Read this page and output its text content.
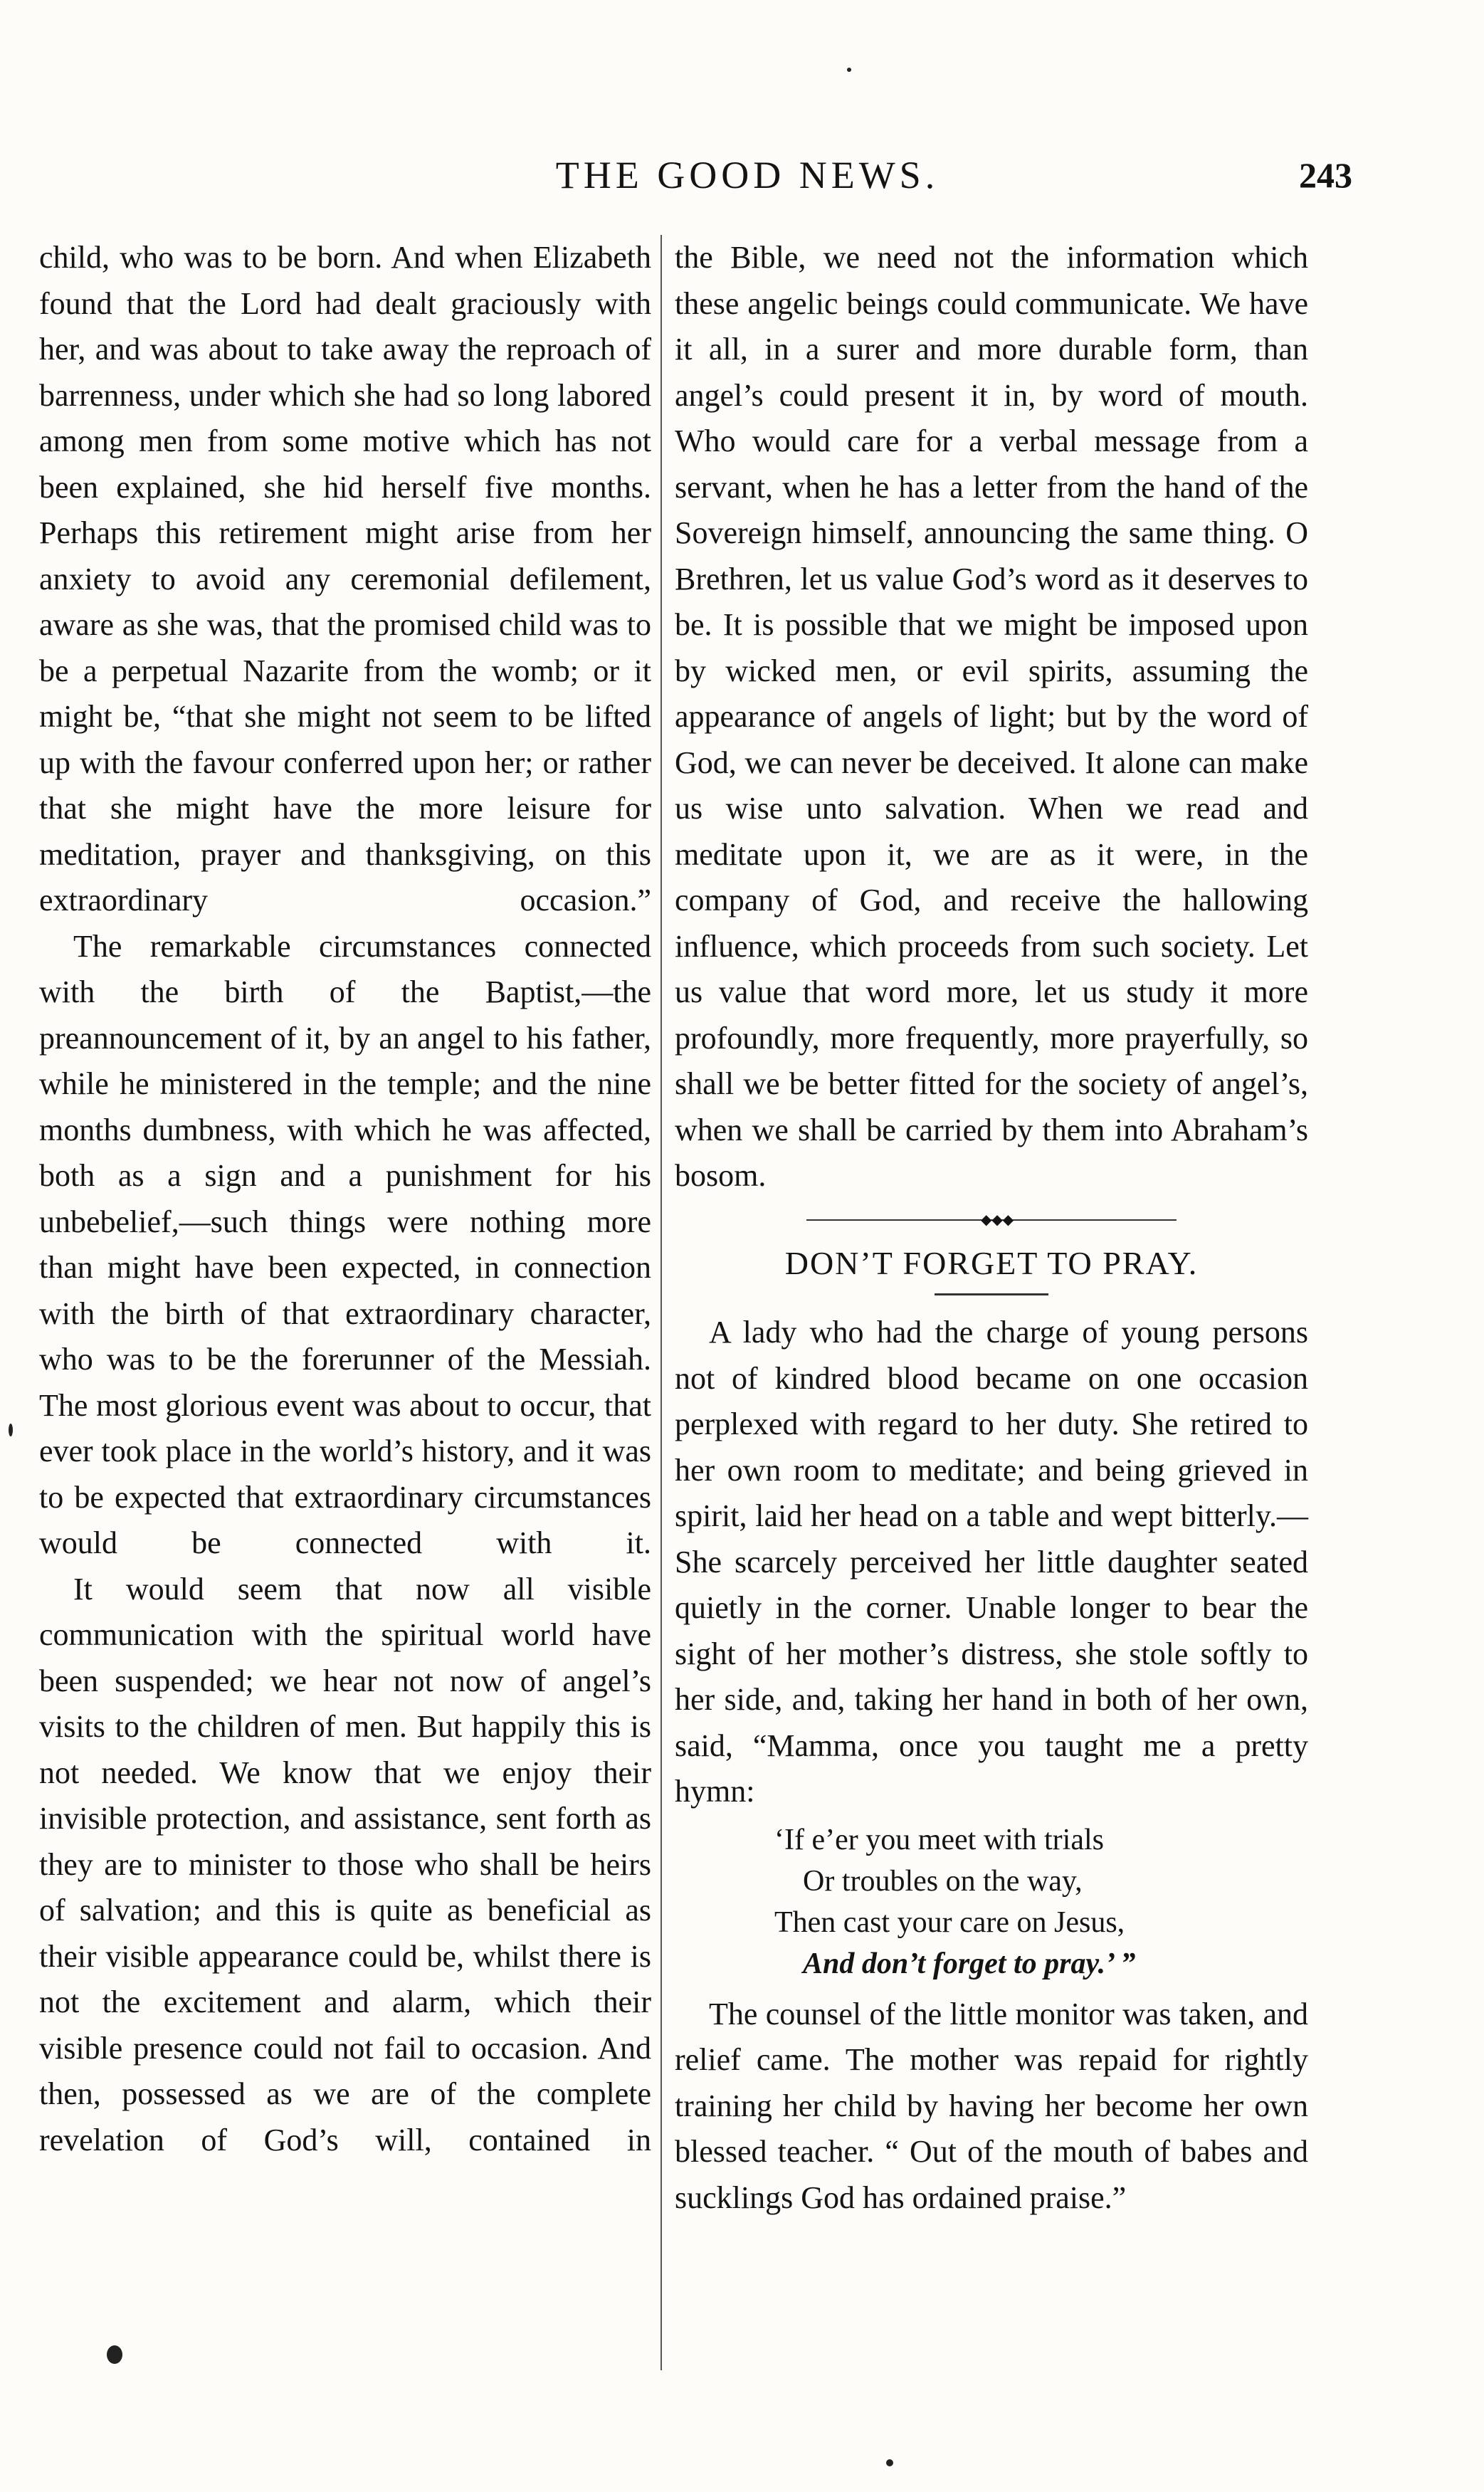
THE GOOD NEWS.	243

child, who was to be born. And when Elizabeth found that the Lord had dealt graciously with her, and was about to take away the reproach of barrenness, under which she had so long labored among men from some motive which has not been explained, she hid herself five months. Perhaps this retirement might arise from her anxiety to avoid any ceremonial defilement, aware as she was, that the promised child was to be a perpetual Nazarite from the womb; or it might be, “that she might not seem to be lifted up with the favour conferred upon her; or rather that she might have the more leisure for meditation, prayer and thanksgiving, on this extraordinary occasion.”

The remarkable circumstances connected with the birth of the Baptist,—the preannouncement of it, by an angel to his father, while he ministered in the temple; and the nine months dumbness, with which he was affected, both as a sign and a punishment for his unbebelief,—such things were nothing more than might have been expected, in connection with the birth of that extraordinary character, who was to be the forerunner of the Messiah. The most glorious event was about to occur, that ever took place in the world’s history, and it was to be expected that extraordinary circumstances would be connected with it.

It would seem that now all visible communication with the spiritual world have been suspended; we hear not now of angel’s visits to the children of men. But happily this is not needed. We know that we enjoy their invisible protection, and assistance, sent forth as they are to minister to those who shall be heirs of salvation; and this is quite as beneficial as their visible appearance could be, whilst there is not the excitement and alarm, which their visible presence could not fail to occasion. And then, possessed as we are of the complete revelation of God’s will, contained in

the Bible, we need not the information which these angelic beings could communicate. We have it all, in a surer and more durable form, than angel’s could present it in, by word of mouth. Who would care for a verbal message from a servant, when he has a letter from the hand of the Sovereign himself, announcing the same thing. O Brethren, let us value God’s word as it deserves to be. It is possible that we might be imposed upon by wicked men, or evil spirits, assuming the appearance of angels of light; but by the word of God, we can never be deceived. It alone can make us wise unto salvation. When we read and meditate upon it, we are as it were, in the company of God, and receive the hallowing influence, which proceeds from such society. Let us value that word more, let us study it more profoundly, more frequently, more prayerfully, so shall we be better fitted for the society of angel’s, when we shall be carried by them into Abraham’s bosom.

◆◆◆
DON’T FORGET TO PRAY.

A lady who had the charge of young persons not of kindred blood became on one occasion perplexed with regard to her duty. She retired to her own room to meditate; and being grieved in spirit, laid her head on a table and wept bitterly.—She scarcely perceived her little daughter seated quietly in the corner. Unable longer to bear the sight of her mother’s distress, she stole softly to her side, and, taking her hand in both of her own, said, “Mamma, once you taught me a pretty hymn:

‘If e’er you meet with trials
Or troubles on the way,
Then cast your care on Jesus,
And don’t forget to pray.’ ”

The counsel of the little monitor was taken, and relief came. The mother was repaid for rightly training her child by having her become her own blessed teacher. “ Out of the mouth of babes and sucklings God has ordained praise.”
